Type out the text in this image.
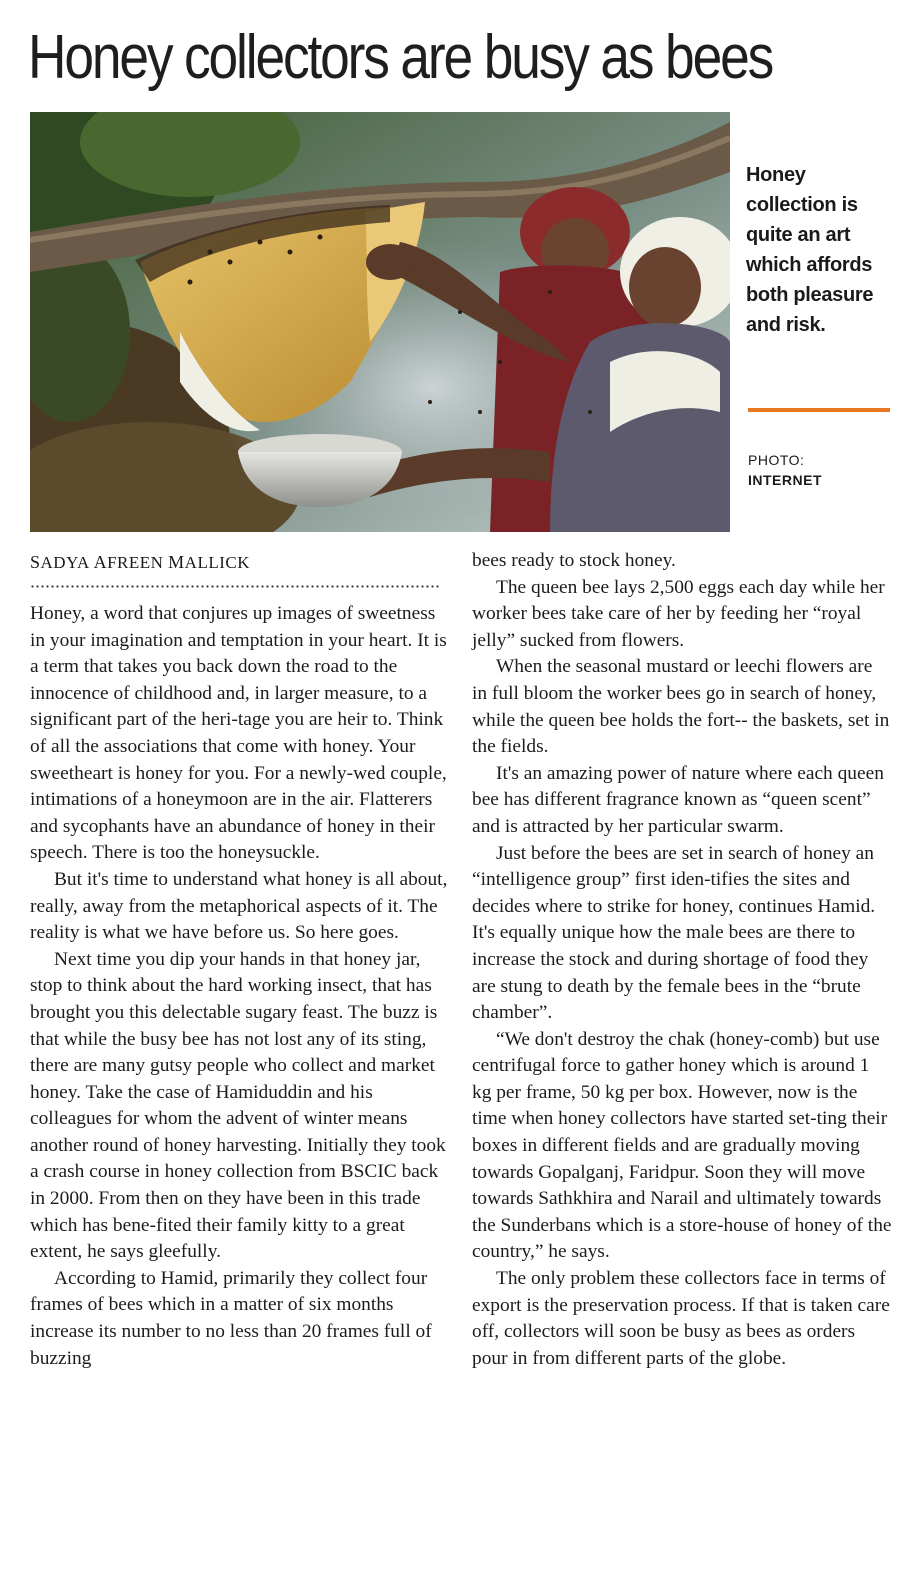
Honey collectors are busy as bees
Honey collection is quite an art which affords both pleasure and risk.
PHOTO:
INTERNET
SADYA AFREEN MALLICK

Honey, a word that conjures up images of sweetness in your imagination and temptation in your heart. It is a term that takes you back down the road to the innocence of childhood and, in larger measure, to a significant part of the heri-tage you are heir to. Think of all the associations that come with honey. Your sweetheart is honey for you. For a newly-wed couple, intimations of a honeymoon are in the air. Flatterers and sycophants have an abundance of honey in their speech. There is too the honeysuckle.

But it's time to understand what honey is all about, really, away from the metaphorical aspects of it. The reality is what we have before us. So here goes.

Next time you dip your hands in that honey jar, stop to think about the hard working insect, that has brought you this delectable sugary feast. The buzz is that while the busy bee has not lost any of its sting, there are many gutsy people who collect and market honey. Take the case of Hamiduddin and his colleagues for whom the advent of winter means another round of honey harvesting. Initially they took a crash course in honey collection from BSCIC back in 2000. From then on they have been in this trade which has bene-fited their family kitty to a great extent, he says gleefully.

According to Hamid, primarily they collect four frames of bees which in a matter of six months increase its number to no less than 20 frames full of buzzing

bees ready to stock honey.

The queen bee lays 2,500 eggs each day while her worker bees take care of her by feeding her “royal jelly” sucked from flowers.

When the seasonal mustard or leechi flowers are in full bloom the worker bees go in search of honey, while the queen bee holds the fort-- the baskets, set in the fields.

It's an amazing power of nature where each queen bee has different fragrance known as “queen scent” and is attracted by her particular swarm.

Just before the bees are set in search of honey an “intelligence group” first iden-tifies the sites and decides where to strike for honey, continues Hamid. It's equally unique how the male bees are there to increase the stock and during shortage of food they are stung to death by the female bees in the “brute chamber”.

“We don't destroy the chak (honey-comb) but use centrifugal force to gather honey which is around 1 kg per frame, 50 kg per box. However, now is the time when honey collectors have started set-ting their boxes in different fields and are gradually moving towards Gopalganj, Faridpur. Soon they will move towards Sathkhira and Narail and ultimately towards the Sunderbans which is a store-house of honey of the country,” he says.

The only problem these collectors face in terms of export is the preservation process. If that is taken care off, collectors will soon be busy as bees as orders pour in from different parts of the globe.
